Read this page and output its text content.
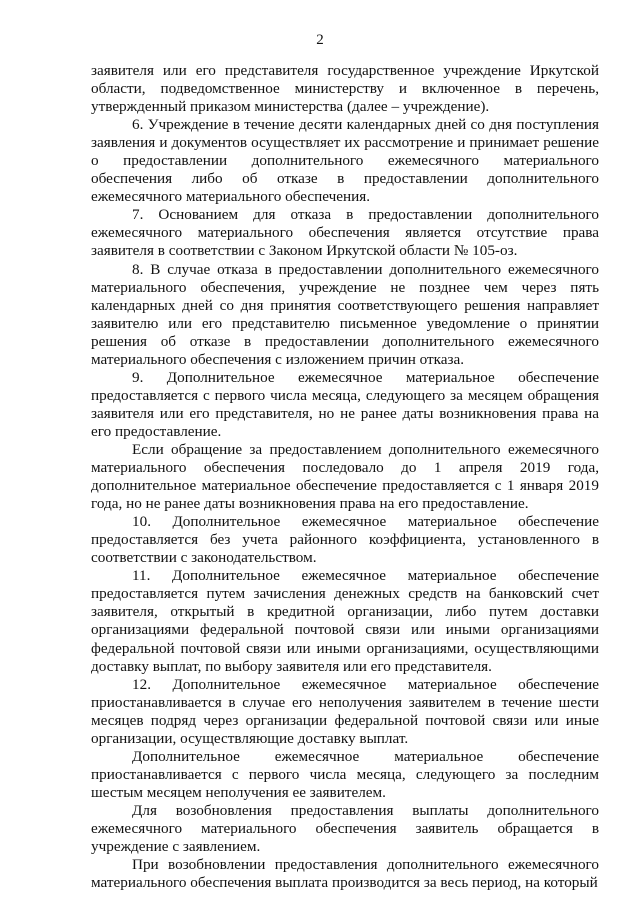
2

заявителя или его представителя государственное учреждение Иркутской области, подведомственное министерству и включенное в перечень, утвержденный приказом министерства (далее – учреждение).

6. Учреждение в течение десяти календарных дней со дня поступления заявления и документов осуществляет их рассмотрение и принимает решение о предоставлении дополнительного ежемесячного материального обеспечения либо об отказе в предоставлении дополнительного ежемесячного материального обеспечения.

7. Основанием для отказа в предоставлении дополнительного ежемесячного материального обеспечения является отсутствие права заявителя в соответствии с Законом Иркутской области № 105-оз.

8. В случае отказа в предоставлении дополнительного ежемесячного материального обеспечения, учреждение не позднее чем через пять календарных дней со дня принятия соответствующего решения направляет заявителю или его представителю письменное уведомление о принятии решения об отказе в предоставлении дополнительного ежемесячного материального обеспечения с изложением причин отказа.

9. Дополнительное ежемесячное материальное обеспечение предоставляется с первого числа месяца, следующего за месяцем обращения заявителя или его представителя, но не ранее даты возникновения права на его предоставление.

Если обращение за предоставлением дополнительного ежемесячного материального обеспечения последовало до 1 апреля 2019 года, дополнительное материальное обеспечение предоставляется с 1 января 2019 года, но не ранее даты возникновения права на его предоставление.

10. Дополнительное ежемесячное материальное обеспечение предоставляется без учета районного коэффициента, установленного в соответствии с законодательством.

11. Дополнительное ежемесячное материальное обеспечение предоставляется путем зачисления денежных средств на банковский счет заявителя, открытый в кредитной организации, либо путем доставки организациями федеральной почтовой связи или иными организациями федеральной почтовой связи или иными организациями, осуществляющими доставку выплат, по выбору заявителя или его представителя.

12. Дополнительное ежемесячное материальное обеспечение приостанавливается в случае его неполучения заявителем в течение шести месяцев подряд через организации федеральной почтовой связи или иные организации, осуществляющие доставку выплат.

Дополнительное ежемесячное материальное обеспечение приостанавливается с первого числа месяца, следующего за последним шестым месяцем неполучения ее заявителем.

Для возобновления предоставления выплаты дополнительного ежемесячного материального обеспечения заявитель обращается в учреждение с заявлением.

При возобновлении предоставления дополнительного ежемесячного материального обеспечения выплата производится за весь период, на который
